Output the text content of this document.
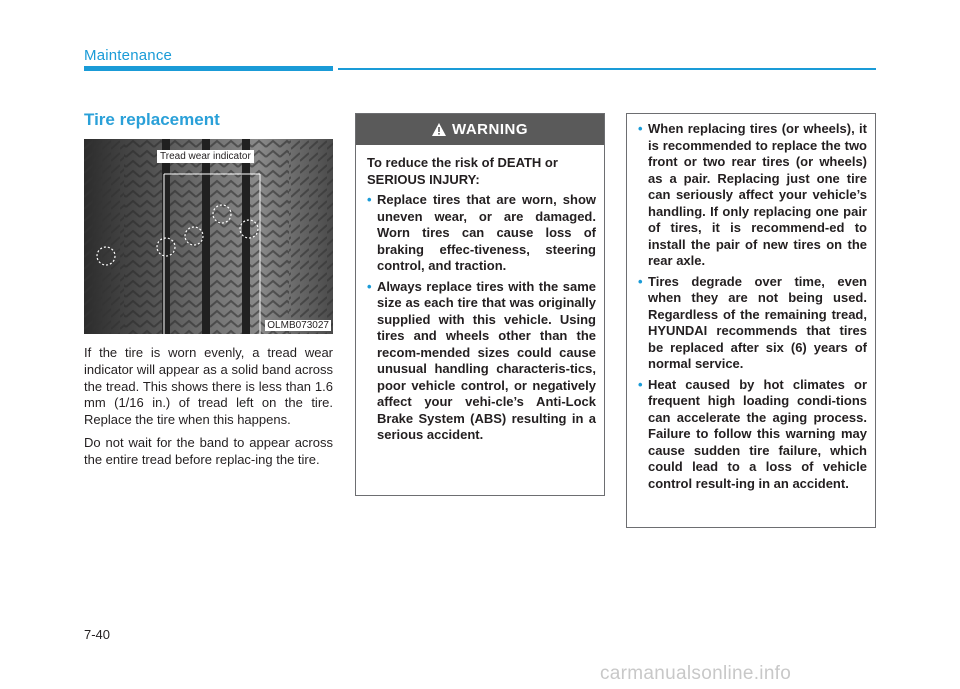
Maintenance
Tire replacement
Tread wear indicator
OLMB073027

If the tire is worn evenly, a tread wear indicator will appear as a solid band across the tread. This shows there is less than 1.6 mm (1/16 in.) of tread left on the tire. Replace the tire when this happens.

Do not wait for the band to appear across the entire tread before replac-ing the tire.

WARNING

To reduce the risk of DEATH or SERIOUS INJURY:

• Replace tires that are worn, show uneven wear, or are damaged. Worn tires can cause loss of braking effec-tiveness, steering control, and traction.
• Always replace tires with the same size as each tire that was originally supplied with this vehicle. Using tires and wheels other than the recom-mended sizes could cause unusual handling characteris-tics, poor vehicle control, or negatively affect your vehi-cle’s Anti-Lock Brake System (ABS) resulting in a serious accident.
• When replacing tires (or wheels), it is recommended to replace the two front or two rear tires (or wheels) as a pair. Replacing just one tire can seriously affect your vehicle’s handling. If only replacing one pair of tires, it is recommend-ed to install the pair of new tires on the rear axle.
• Tires degrade over time, even when they are not being used. Regardless of the remaining tread, HYUNDAI recommends that tires be replaced after six (6) years of normal service.
• Heat caused by hot climates or frequent high loading condi-tions can accelerate the aging process. Failure to follow this warning may cause sudden tire failure, which could lead to a loss of vehicle control result-ing in an accident.
7-40
carmanualsonline.info
